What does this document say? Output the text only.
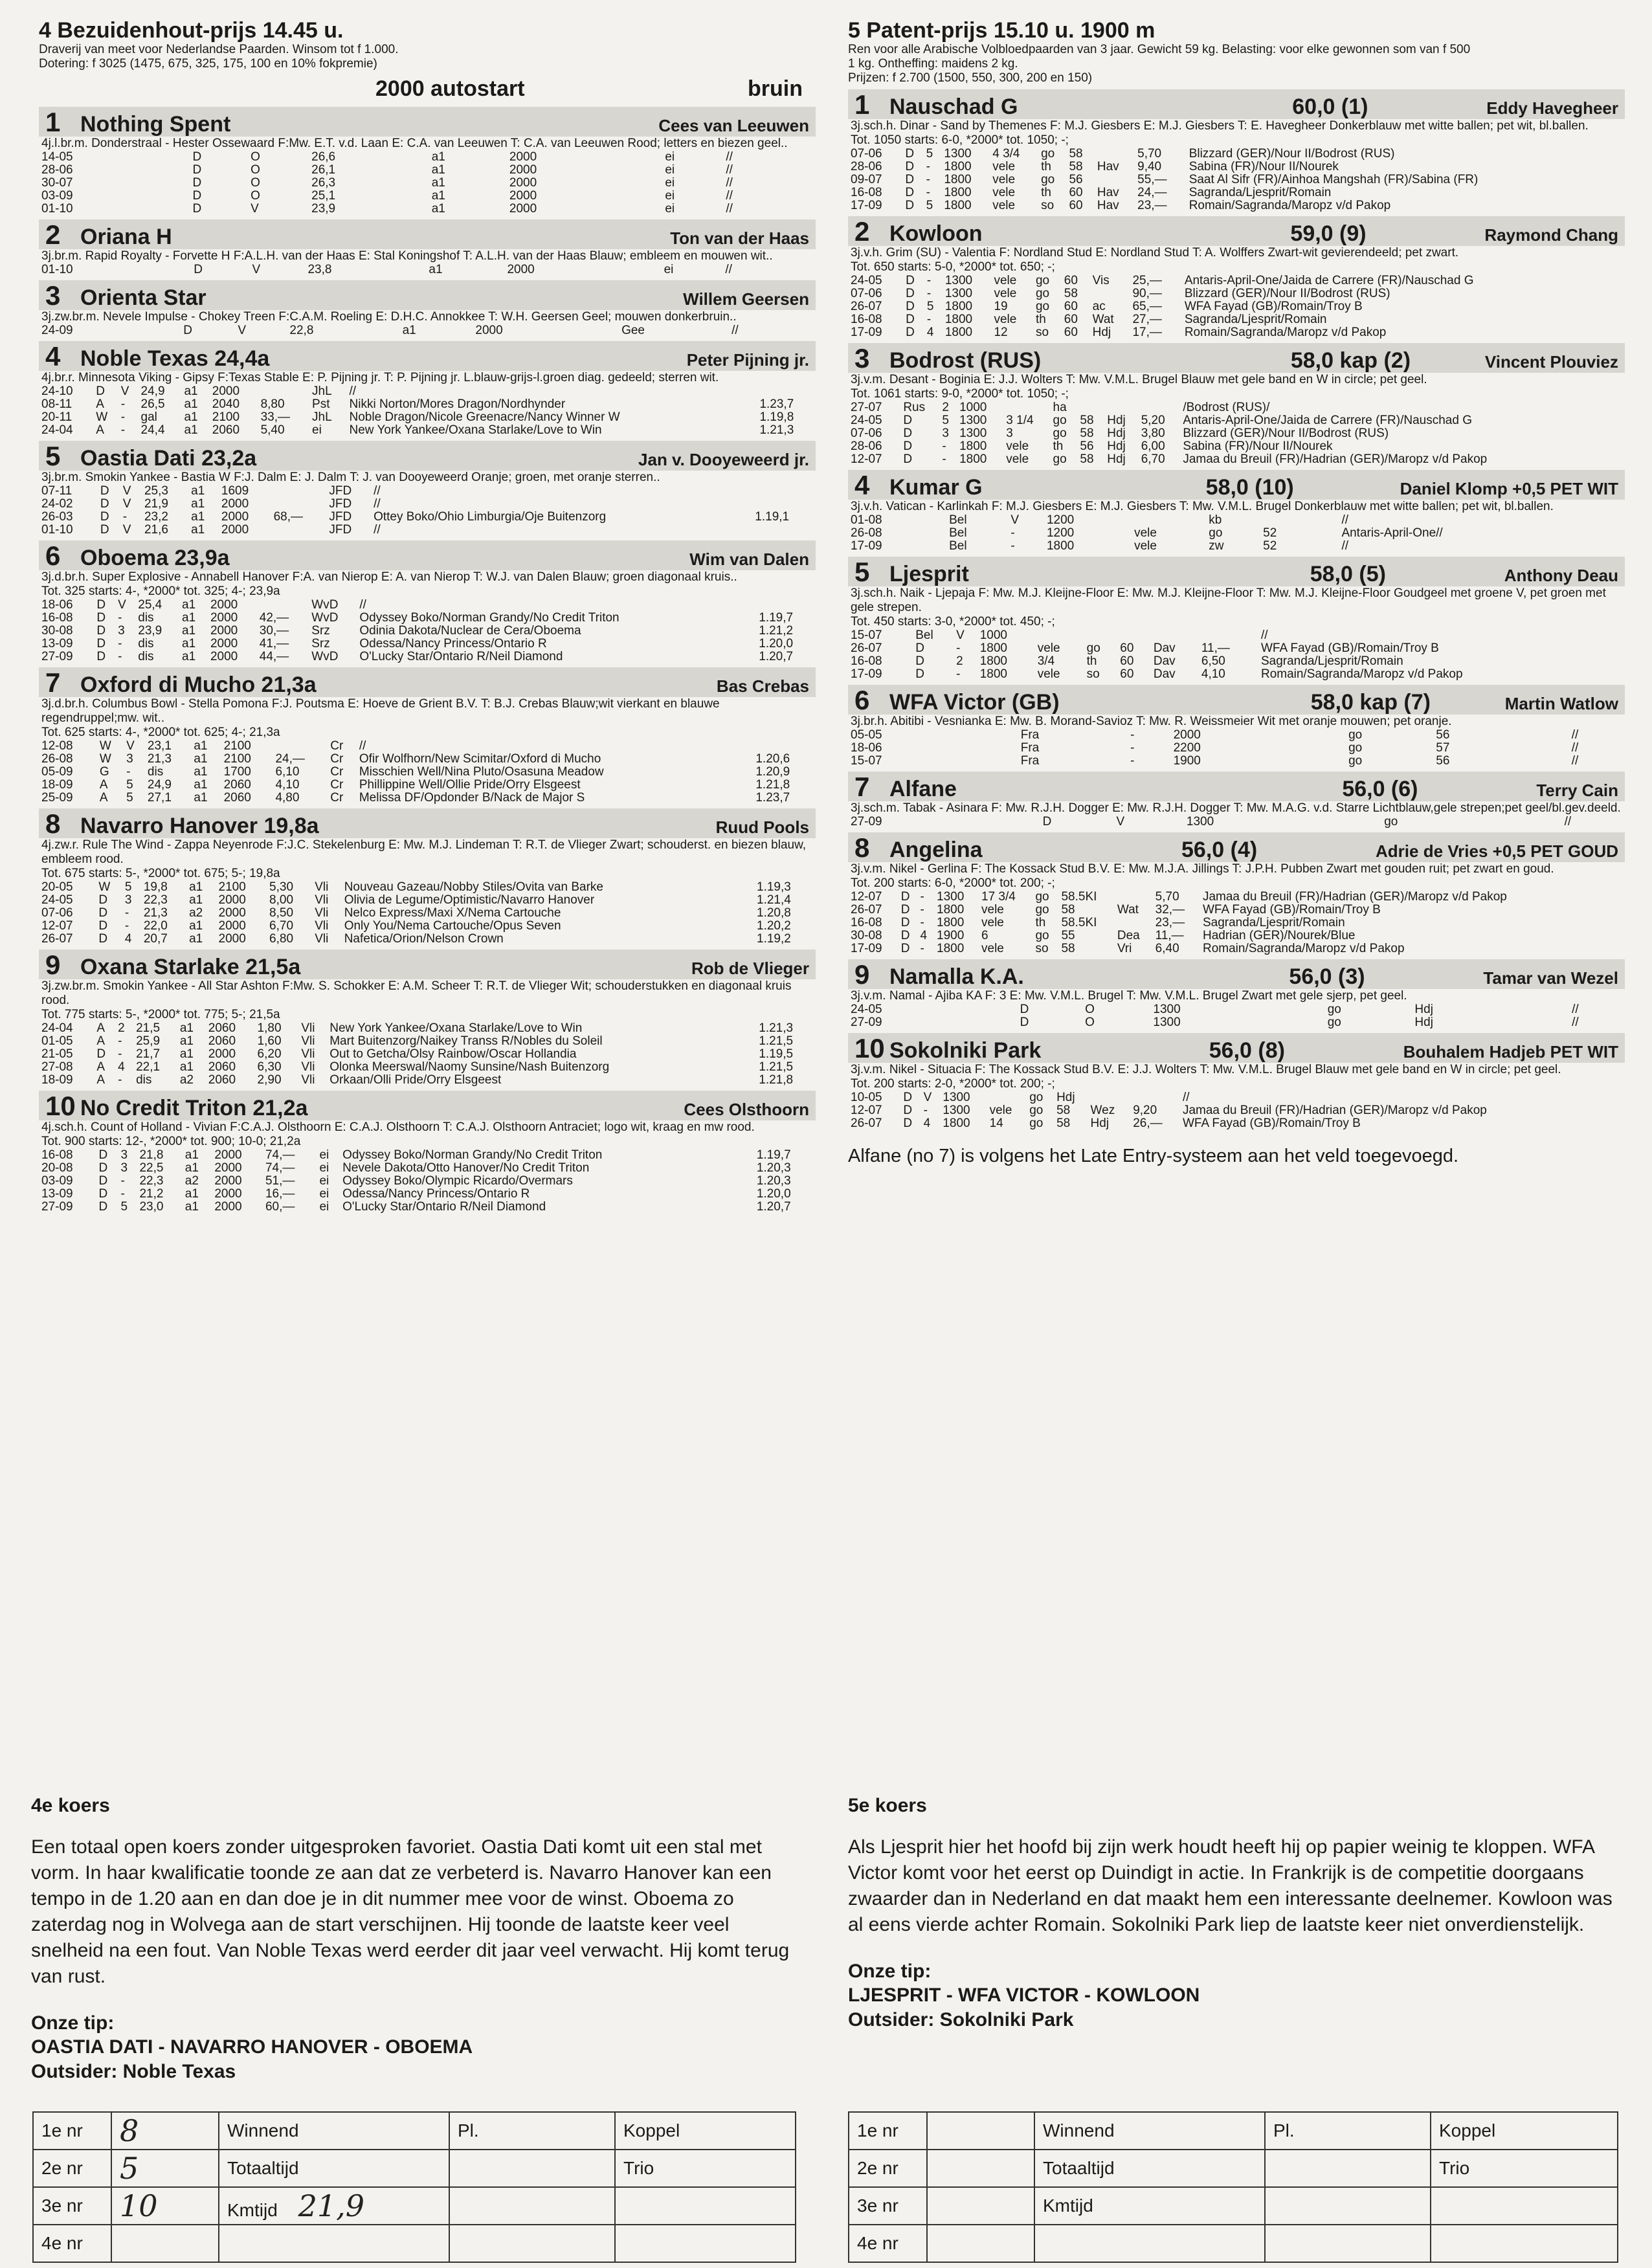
4 Bezuidenhout-prijs 14.45 u.
Draverij van meet voor Nederlandse Paarden. Winsom tot f 1.000.
Dotering: f 3025 (1475, 675, 325, 175, 100 en 10% fokpremie)
2000 autostart	bruin
1 Nothing Spent	Cees van Leeuwen
4j.l.br.m. Donderstraal - Hester Ossewaard F:Mw. E.T. v.d. Laan E: C.A. van Leeuwen T: C.A. van Leeuwen Rood; letters en biezen geel..
14-05	D	O	26,6	a1	2000		ei	//		
28-06	D	O	26,1	a1	2000		ei	//		
30-07	D	O	26,3	a1	2000		ei	//		
03-09	D	O	25,1	a1	2000		ei	//		
01-10	D	V	23,9	a1	2000		ei	//		
2 Oriana H	Ton van der Haas
3j.br.m. Rapid Royalty - Forvette H F:A.L.H. van der Haas E: Stal Koningshof T: A.L.H. van der Haas Blauw; embleem en mouwen wit..
01-10	D	V	23,8	a1	2000		ei	//		
3 Orienta Star	Willem Geersen
3j.zw.br.m. Nevele Impulse - Chokey Treen F:C.A.M. Roeling E: D.H.C. Annokkee T: W.H. Geersen Geel; mouwen donkerbruin..
24-09	D	V	22,8	a1	2000		Gee	//		
4 Noble Texas 24,4a	Peter Pijning jr.
4j.br.r. Minnesota Viking - Gipsy F:Texas Stable E: P. Pijning jr. T: P. Pijning jr. L.blauw-grijs-l.groen diag. gedeeld; sterren wit.
24-10	D	V	24,9	a1	2000		JhL	//	
08-11	A	-	26,5	a1	2040	8,80	Pst	Nikki Norton/Mores Dragon/Nordhynder	1.23,7
20-11	W	-	gal	a1	2100	33,—	JhL	Noble Dragon/Nicole Greenacre/Nancy Winner W	1.19,8
24-04	A	-	24,4	a1	2060	5,40	ei	New York Yankee/Oxana Starlake/Love to Win	1.21,3
5 Oastia Dati 23,2a	Jan v. Dooyeweerd jr.
3j.br.m. Smokin Yankee - Bastia W F:J. Dalm E: J. Dalm T: J. van Dooyeweerd Oranje; groen, met oranje sterren..
07-11	D	V	25,3	a1	1609		JFD	//	
24-02	D	V	21,9	a1	2000		JFD	//	
26-03	D	-	23,2	a1	2000	68,—	JFD	Ottey Boko/Ohio Limburgia/Oje Buitenzorg	1.19,1
01-10	D	V	21,6	a1	2000		JFD	//	
6 Oboema 23,9a	Wim van Dalen
3j.d.br.h. Super Explosive - Annabell Hanover F:A. van Nierop E: A. van Nierop T: W.J. van Dalen Blauw; groen diagonaal kruis..
Tot. 325 starts: 4-, *2000* tot. 325; 4-; 23,9a
18-06	D	V	25,4	a1	2000		WvD	//	
16-08	D	-	dis	a1	2000	42,—	WvD	Odyssey Boko/Norman Grandy/No Credit Triton	1.19,7
30-08	D	3	23,9	a1	2000	30,—	Srz	Odinia Dakota/Nuclear de Cera/Oboema	1.21,2
13-09	D	-	dis	a1	2000	41,—	Srz	Odessa/Nancy Princess/Ontario R	1.20,0
27-09	D	-	dis	a1	2000	44,—	WvD	O'Lucky Star/Ontario R/Neil Diamond	1.20,7
7 Oxford di Mucho 21,3a	Bas Crebas
3j.d.br.h. Columbus Bowl - Stella Pomona F:J. Poutsma E: Hoeve de Grient B.V. T: B.J. Crebas Blauw;wit vierkant en blauwe regendruppel;mw. wit..
Tot. 625 starts: 4-, *2000* tot. 625; 4-; 21,3a
12-08	W	V	23,1	a1	2100		Cr	//	
26-08	W	3	21,3	a1	2100	24,—	Cr	Ofir Wolfhorn/New Scimitar/Oxford di Mucho	1.20,6
05-09	G	-	dis	a1	1700	6,10	Cr	Misschien Well/Nina Pluto/Osasuna Meadow	1.20,9
18-09	A	5	24,9	a1	2060	4,10	Cr	Phillippine Well/Ollie Pride/Orry Elsgeest	1.21,8
25-09	A	5	27,1	a1	2060	4,80	Cr	Melissa DF/Opdonder B/Nack de Major S	1.23,7
8 Navarro Hanover 19,8a	Ruud Pools
4j.zw.r. Rule The Wind - Zappa Neyenrode F:J.C. Stekelenburg E: Mw. M.J. Lindeman T: R.T. de Vlieger Zwart; schouderst. en biezen blauw, embleem rood.
Tot. 675 starts: 5-, *2000* tot. 675; 5-; 19,8a
20-05	W	5	19,8	a1	2100	5,30	Vli	Nouveau Gazeau/Nobby Stiles/Ovita van Barke	1.19,3
24-05	D	3	22,3	a1	2000	8,00	Vli	Olivia de Legume/Optimistic/Navarro Hanover	1.21,4
07-06	D	-	21,3	a2	2000	8,50	Vli	Nelco Express/Maxi X/Nema Cartouche	1.20,8
12-07	D	-	22,0	a1	2000	6,70	Vli	Only You/Nema Cartouche/Opus Seven	1.20,2
26-07	D	4	20,7	a1	2000	6,80	Vli	Nafetica/Orion/Nelson Crown	1.19,2
9 Oxana Starlake 21,5a	Rob de Vlieger
3j.zw.br.m. Smokin Yankee - All Star Ashton F:Mw. S. Schokker E: A.M. Scheer T: R.T. de Vlieger Wit; schouderstukken en diagonaal kruis rood.
Tot. 775 starts: 5-, *2000* tot. 775; 5-; 21,5a
24-04	A	2	21,5	a1	2060	1,80	Vli	New York Yankee/Oxana Starlake/Love to Win	1.21,3
01-05	A	-	25,9	a1	2060	1,60	Vli	Mart Buitenzorg/Naikey Transs R/Nobles du Soleil	1.21,5
21-05	D	-	21,7	a1	2000	6,20	Vli	Out to Getcha/Olsy Rainbow/Oscar Hollandia	1.19,5
27-08	A	4	22,1	a1	2060	6,30	Vli	Olonka Meerswal/Naomy Sunsine/Nash Buitenzorg	1.21,5
18-09	A	-	dis	a2	2060	2,90	Vli	Orkaan/Olli Pride/Orry Elsgeest	1.21,8
10 No Credit Triton 21,2a	Cees Olsthoorn
4j.sch.h. Count of Holland - Vivian F:C.A.J. Olsthoorn E: C.A.J. Olsthoorn T: C.A.J. Olsthoorn Antraciet; logo wit, kraag en mw rood.
Tot. 900 starts: 12-, *2000* tot. 900; 10-0; 21,2a
16-08	D	3	21,8	a1	2000	74,—	ei	Odyssey Boko/Norman Grandy/No Credit Triton	1.19,7
20-08	D	3	22,5	a1	2000	74,—	ei	Nevele Dakota/Otto Hanover/No Credit Triton	1.20,3
03-09	D	-	22,3	a2	2000	51,—	ei	Odyssey Boko/Olympic Ricardo/Overmars	1.20,3
13-09	D	-	21,2	a1	2000	16,—	ei	Odessa/Nancy Princess/Ontario R	1.20,0
27-09	D	5	23,0	a1	2000	60,—	ei	O'Lucky Star/Ontario R/Neil Diamond	1.20,7
5 Patent-prijs 15.10 u. 1900 m
Ren voor alle Arabische Volbloedpaarden van 3 jaar. Gewicht 59 kg. Belasting: voor elke gewonnen som van f 500
1 kg. Ontheffing: maidens 2 kg.
Prijzen: f 2.700 (1500, 550, 300, 200 en 150)
1 Nauschad G	60,0 (1)	Eddy Havegheer
3j.sch.h. Dinar - Sand by Themenes F: M.J. Giesbers E: M.J. Giesbers T: E. Havegheer Donkerblauw met witte ballen; pet wit, bl.ballen.
Tot. 1050 starts: 6-0, *2000* tot. 1050; -;
07-06	D	5	1300	4 3/4	go	58		5,70	Blizzard (GER)/Nour II/Bodrost (RUS)
28-06	D	-	1800	vele	th	58	Hav	9,40	Sabina (FR)/Nour II/Nourek
09-07	D	-	1800	vele	go	56		55,—	Saat Al Sifr (FR)/Ainhoa Mangshah (FR)/Sabina (FR)
16-08	D	-	1800	vele	th	60	Hav	24,—	Sagranda/Ljesprit/Romain
17-09	D	5	1800	vele	so	60	Hav	23,—	Romain/Sagranda/Maropz v/d Pakop
2 Kowloon	59,0 (9)	Raymond Chang
3j.v.h. Grim (SU) - Valentia F: Nordland Stud E: Nordland Stud T: A. Wolffers Zwart-wit gevierendeeld; pet zwart.
Tot. 650 starts: 5-0, *2000* tot. 650; -;
24-05	D	-	1300	vele	go	60	Vis	25,—	Antaris-April-One/Jaida de Carrere (FR)/Nauschad G
07-06	D	-	1300	vele	go	58		90,—	Blizzard (GER)/Nour II/Bodrost (RUS)
26-07	D	5	1800	19	go	60	ac	65,—	WFA Fayad (GB)/Romain/Troy B
16-08	D	-	1800	vele	th	60	Wat	27,—	Sagranda/Ljesprit/Romain
17-09	D	4	1800	12	so	60	Hdj	17,—	Romain/Sagranda/Maropz v/d Pakop
3 Bodrost (RUS)	58,0 kap (2)	Vincent Plouviez
3j.v.m. Desant - Boginia E: J.J. Wolters T: Mw. V.M.L. Brugel Blauw met gele band en W in circle; pet geel.
Tot. 1061 starts: 9-0, *2000* tot. 1050; -;
27-07	Rus	2	1000		ha				/Bodrost (RUS)/
24-05	D	5	1300	3 1/4	go	58	Hdj	5,20	Antaris-April-One/Jaida de Carrere (FR)/Nauschad G
07-06	D	3	1300	3	go	58	Hdj	3,80	Blizzard (GER)/Nour II/Bodrost (RUS)
28-06	D	-	1800	vele	th	56	Hdj	6,00	Sabina (FR)/Nour II/Nourek
12-07	D	-	1800	vele	go	58	Hdj	6,70	Jamaa du Breuil (FR)/Hadrian (GER)/Maropz v/d Pakop
4 Kumar G	58,0 (10)	Daniel Klomp +0,5 PET WIT
3j.v.h. Vatican - Karlinkah F: M.J. Giesbers E: M.J. Giesbers T: Mw. V.M.L. Brugel Donkerblauw met witte ballen; pet wit, bl.ballen.
01-08	Bel	V	1200		kb				//
26-08	Bel	-	1200	vele	go	52			Antaris-April-One//
17-09	Bel	-	1800	vele	zw	52			//
5 Ljesprit	58,0 (5)	Anthony Deau
3j.sch.h. Naik - Ljepaja F: Mw. M.J. Kleijne-Floor E: Mw. M.J. Kleijne-Floor T: Mw. M.J. Kleijne-Floor Goudgeel met groene V, pet groen met gele strepen.
Tot. 450 starts: 3-0, *2000* tot. 450; -;
15-07	Bel	V	1000						//
26-07	D	-	1800	vele	go	60	Dav	11,—	WFA Fayad (GB)/Romain/Troy B
16-08	D	2	1800	3/4	th	60	Dav	6,50	Sagranda/Ljesprit/Romain
17-09	D	-	1800	vele	so	60	Dav	4,10	Romain/Sagranda/Maropz v/d Pakop
6 WFA Victor (GB)	58,0 kap (7)	Martin Watlow
3j.br.h. Abitibi - Vesnianka E: Mw. B. Morand-Savioz T: Mw. R. Weissmeier Wit met oranje mouwen; pet oranje.
05-05	Fra	-	2000		go	56			//
18-06	Fra	-	2200		go	57			//
15-07	Fra	-	1900		go	56			//
7 Alfane	56,0 (6)	Terry Cain
3j.sch.m. Tabak - Asinara F: Mw. R.J.H. Dogger E: Mw. R.J.H. Dogger T: Mw. M.A.G. v.d. Starre Lichtblauw,gele strepen;pet geel/bl.gev.deeld.
27-09	D	V	1300		go				//
8 Angelina	56,0 (4)	Adrie de Vries +0,5 PET GOUD
3j.v.m. Nikel - Gerlina F: The Kossack Stud B.V. E: Mw. M.J.A. Jillings T: J.P.H. Pubben Zwart met gouden ruit; pet zwart en goud.
Tot. 200 starts: 6-0, *2000* tot. 200; -;
12-07	D	-	1300	17 3/4	go	58.5KI		5,70	Jamaa du Breuil (FR)/Hadrian (GER)/Maropz v/d Pakop
26-07	D	-	1800	vele	go	58	Wat	32,—	WFA Fayad (GB)/Romain/Troy B
16-08	D	-	1800	vele	th	58.5KI		23,—	Sagranda/Ljesprit/Romain
30-08	D	4	1900	6	go	55	Dea	11,—	Hadrian (GER)/Nourek/Blue
17-09	D	-	1800	vele	so	58	Vri	6,40	Romain/Sagranda/Maropz v/d Pakop
9 Namalla K.A.	56,0 (3)	Tamar van Wezel
3j.v.m. Namal - Ajiba KA F: 3 E: Mw. V.M.L. Brugel T: Mw. V.M.L. Brugel Zwart met gele sjerp, pet geel.
24-05	D	O	1300		go	Hdj			//
27-09	D	O	1300		go	Hdj			//
10 Sokolniki Park	56,0 (8)	Bouhalem Hadjeb PET WIT
3j.v.m. Nikel - Situacia F: The Kossack Stud B.V. E: J.J. Wolters T: Mw. V.M.L. Brugel Blauw met gele band en W in circle; pet geel.
Tot. 200 starts: 2-0, *2000* tot. 200; -;
10-05	D	V	1300		go	Hdj			//
12-07	D	-	1300	vele	go	58	Wez	9,20	Jamaa du Breuil (FR)/Hadrian (GER)/Maropz v/d Pakop
26-07	D	4	1800	14	go	58	Hdj	26,—	WFA Fayad (GB)/Romain/Troy B
Alfane (no 7) is volgens het Late Entry-systeem aan het veld toegevoegd.
4e koers
Een totaal open koers zonder uitgesproken favoriet. Oastia Dati komt uit een stal met vorm. In haar kwalificatie toonde ze aan dat ze verbeterd is. Navarro Hanover kan een tempo in de 1.20 aan en dan doe je in dit nummer mee voor de winst. Oboema zo zaterdag nog in Wolvega aan de start verschijnen. Hij toonde de laatste keer veel snelheid na een fout. Van Noble Texas werd eerder dit jaar veel verwacht. Hij komt terug van rust.
Onze tip:
OASTIA DATI - NAVARRO HANOVER - OBOEMA
Outsider: Noble Texas
5e koers
Als Ljesprit hier het hoofd bij zijn werk houdt heeft hij op papier weinig te kloppen. WFA Victor komt voor het eerst op Duindigt in actie. In Frankrijk is de competitie doorgaans zwaarder dan in Nederland en dat maakt hem een interessante deelnemer. Kowloon was al eens vierde achter Romain. Sokolniki Park liep de laatste keer niet onverdienstelijk.
Onze tip:
LJESPRIT - WFA VICTOR - KOWLOON
Outsider: Sokolniki Park
1e nr	8	Winnend	Pl.	Koppel
2e nr	5	Totaaltijd		Trio
3e nr	10	Kmtijd 21,9		
4e nr				
1e nr		Winnend	Pl.	Koppel
2e nr		Totaaltijd		Trio
3e nr		Kmtijd		
4e nr				
